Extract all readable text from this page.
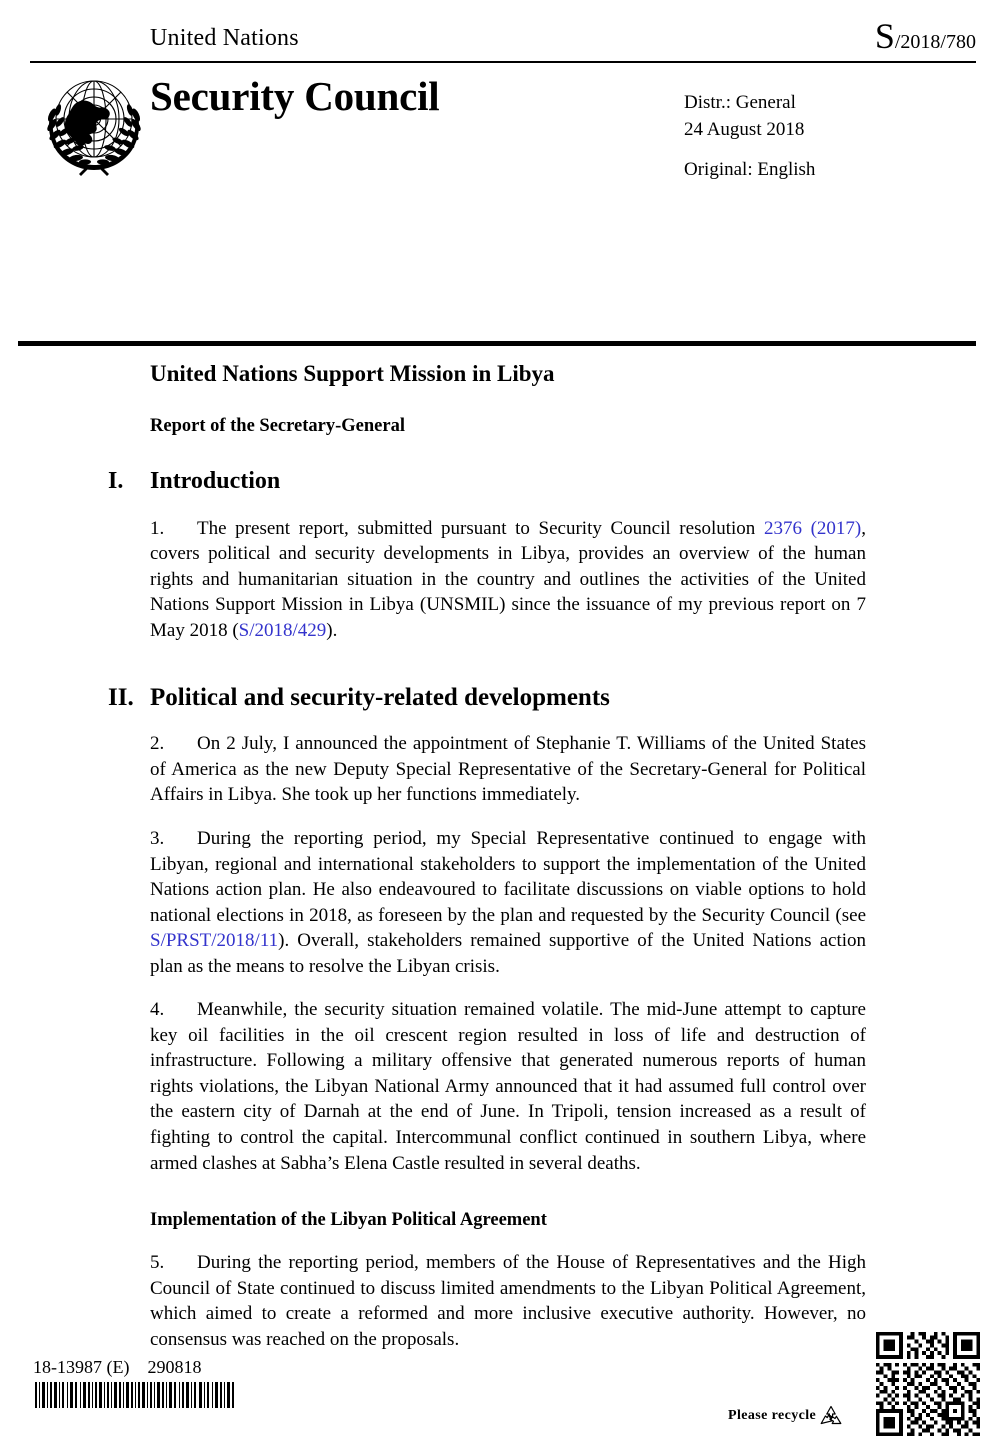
United Nations	S/2018/780
Security Council	Distr.: General
24 August 2018
Original: English
United Nations Support Mission in Libya
Report of the Secretary-General
I.	Introduction

1. The present report, submitted pursuant to Security Council resolution 2376 (2017), covers political and security developments in Libya, provides an overview of the human rights and humanitarian situation in the country and outlines the activities of the United Nations Support Mission in Libya (UNSMIL) since the issuance of my previous report on 7 May 2018 (S/2018/429).

II. Political and security-related developments

2. On 2 July, I announced the appointment of Stephanie T. Williams of the United States of America as the new Deputy Special Representative of the Secretary-General for Political Affairs in Libya. She took up her functions immediately.

3. During the reporting period, my Special Representative continued to engage with Libyan, regional and international stakeholders to support the implementation of the United Nations action plan. He also endeavoured to facilitate discussions on viable options to hold national elections in 2018, as foreseen by the plan and requested by the Security Council (see S/PRST/2018/11). Overall, stakeholders remained supportive of the United Nations action plan as the means to resolve the Libyan crisis.

4. Meanwhile, the security situation remained volatile. The mid-June attempt to capture key oil facilities in the oil crescent region resulted in loss of life and destruction of infrastructure. Following a military offensive that generated numerous reports of human rights violations, the Libyan National Army announced that it had assumed full control over the eastern city of Darnah at the end of June. In Tripoli, tension increased as a result of fighting to control the capital. Intercommunal conflict continued in southern Libya, where armed clashes at Sabha’s Elena Castle resulted in several deaths.

Implementation of the Libyan Political Agreement

5. During the reporting period, members of the House of Representatives and the High Council of State continued to discuss limited amendments to the Libyan Political Agreement, which aimed to create a reformed and more inclusive executive authority. However, no consensus was reached on the proposals.

18-13987 (E)    290818
Please recycle
